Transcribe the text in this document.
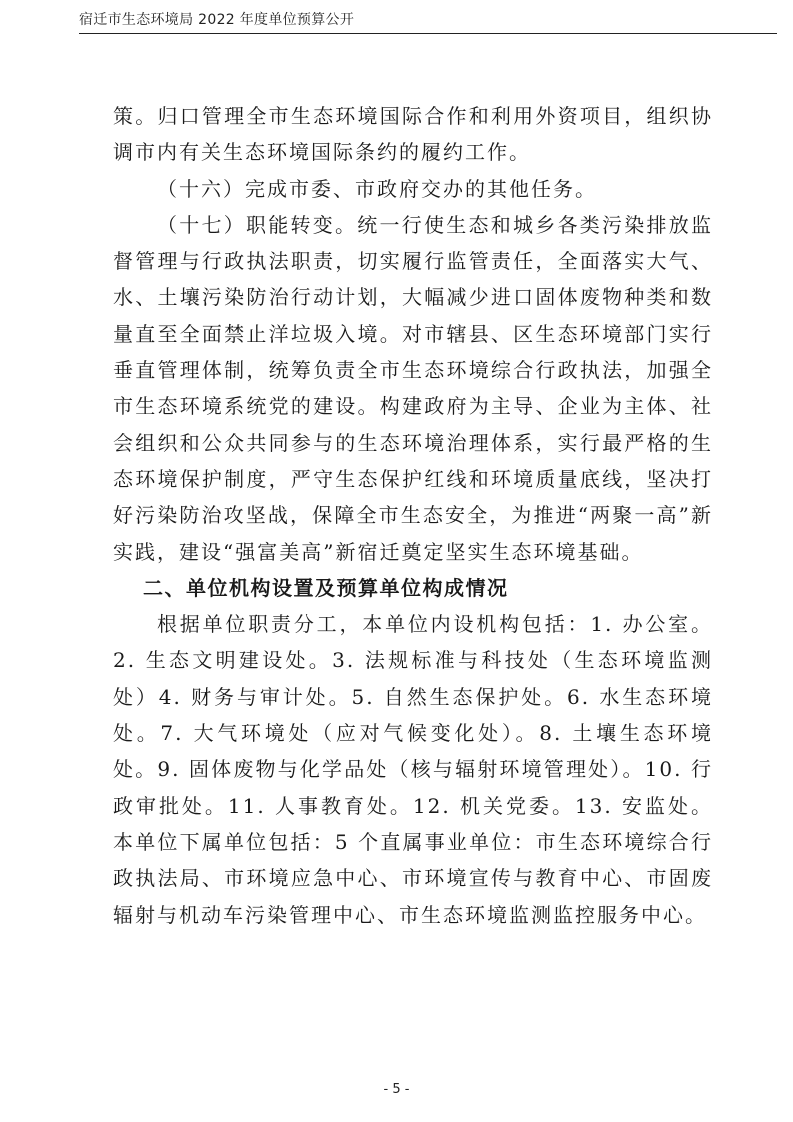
宿迁市生态环境局 2022 年度单位预算公开

策。归口管理全市生态环境国际合作和利用外资项目，组织协调市内有关生态环境国际条约的履约工作。

（十六）完成市委、市政府交办的其他任务。

（十七）职能转变。统一行使生态和城乡各类污染排放监督管理与行政执法职责，切实履行监管责任，全面落实大气、水、土壤污染防治行动计划，大幅减少进口固体废物种类和数量直至全面禁止洋垃圾入境。对市辖县、区生态环境部门实行垂直管理体制，统筹负责全市生态环境综合行政执法，加强全市生态环境系统党的建设。构建政府为主导、企业为主体、社会组织和公众共同参与的生态环境治理体系，实行最严格的生态环境保护制度，严守生态保护红线和环境质量底线，坚决打好污染防治攻坚战，保障全市生态安全，为推进“两聚一高”新实践，建设“强富美高”新宿迁奠定坚实生态环境基础。

二、单位机构设置及预算单位构成情况

根据单位职责分工，本单位内设机构包括：1. 办公室。2. 生态文明建设处。3. 法规标准与科技处（生态环境监测处）4. 财务与审计处。5. 自然生态保护处。6. 水生态环境处。7. 大气环境处（应对气候变化处）。8. 土壤生态环境处。9. 固体废物与化学品处（核与辐射环境管理处）。10. 行政审批处。11. 人事教育处。12. 机关党委。13. 安监处。本单位下属单位包括：5 个直属事业单位：市生态环境综合行政执法局、市环境应急中心、市环境宣传与教育中心、市固废辐射与机动车污染管理中心、市生态环境监测监控服务中心。

- 5 -
